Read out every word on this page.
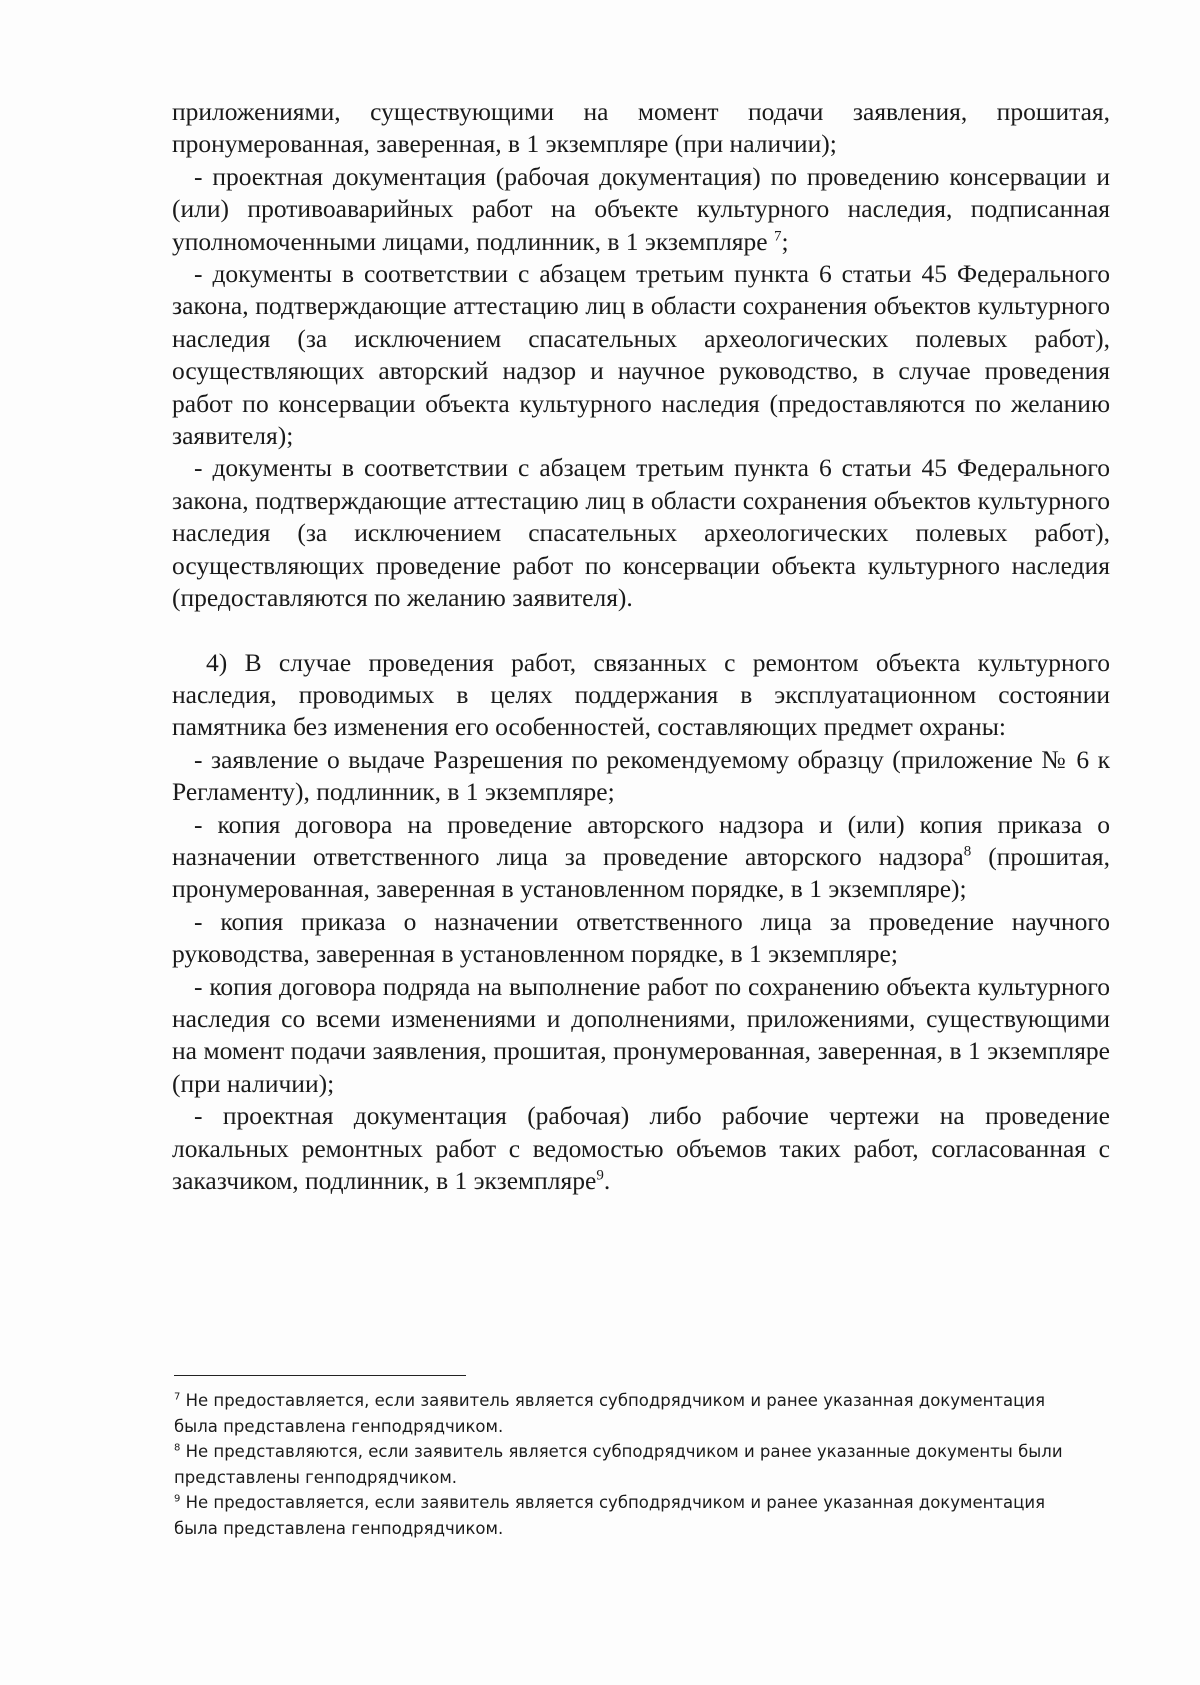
приложениями, существующими на момент подачи заявления, прошитая, пронумерованная, заверенная, в 1 экземпляре (при наличии);

- проектная документация (рабочая документация) по проведению консервации и (или) противоаварийных работ на объекте культурного наследия, подписанная уполномоченными лицами, подлинник, в 1 экземпляре $^7$;

- документы в соответствии с абзацем третьим пункта 6 статьи 45 Федерального закона, подтверждающие аттестацию лиц в области сохранения объектов культурного наследия (за исключением спасательных археологических полевых работ), осуществляющих авторский надзор и научное руководство, в случае проведения работ по консервации объекта культурного наследия (предоставляются по желанию заявителя);

- документы в соответствии с абзацем третьим пункта 6 статьи 45 Федерального закона, подтверждающие аттестацию лиц в области сохранения объектов культурного наследия (за исключением спасательных археологических полевых работ), осуществляющих проведение работ по консервации объекта культурного наследия (предоставляются по желанию заявителя).

4) В случае проведения работ, связанных с ремонтом объекта культурного наследия, проводимых в целях поддержания в эксплуатационном состоянии памятника без изменения его особенностей, составляющих предмет охраны:

- заявление о выдаче Разрешения по рекомендуемому образцу (приложение № 6 к Регламенту), подлинник, в 1 экземпляре;

- копия договора на проведение авторского надзора и (или) копия приказа о назначении ответственного лица за проведение авторского надзора$^8$ (прошитая, пронумерованная, заверенная в установленном порядке, в 1 экземпляре);

- копия приказа о назначении ответственного лица за проведение научного руководства, заверенная в установленном порядке, в 1 экземпляре;

- копия договора подряда на выполнение работ по сохранению объекта культурного наследия со всеми изменениями и дополнениями, приложениями, существующими на момент подачи заявления, прошитая, пронумерованная, заверенная, в 1 экземпляре (при наличии);

- проектная документация (рабочая) либо рабочие чертежи на проведение локальных ремонтных работ с ведомостью объемов таких работ, согласованная с заказчиком, подлинник, в 1 экземпляре$^9$.

$^7$ Не предоставляется, если заявитель является субподрядчиком и ранее указанная документация была представлена генподрядчиком.

$^8$ Не представляются, если заявитель является субподрядчиком и ранее указанные документы были представлены генподрядчиком.

$^9$ Не предоставляется, если заявитель является субподрядчиком и ранее указанная документация была представлена генподрядчиком.
